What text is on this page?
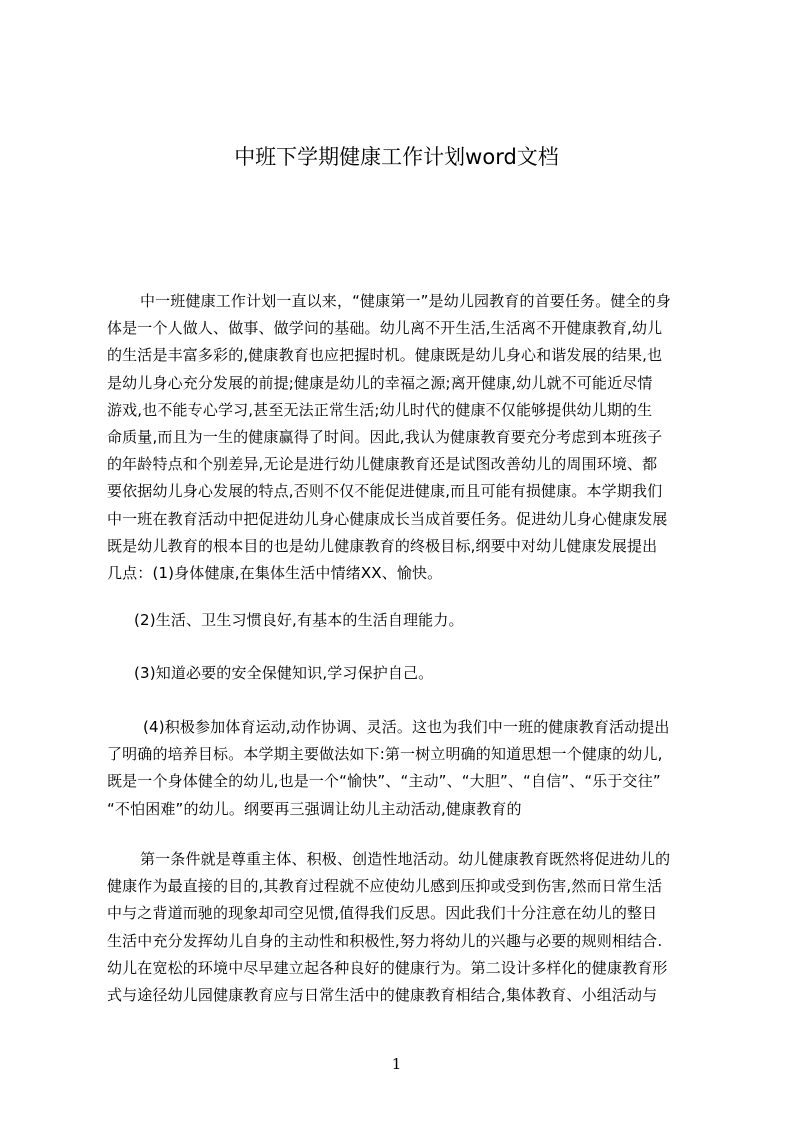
中班下学期健康工作计划word文档
中一班健康工作计划一直以来，“健康第一”是幼儿园教育的首要任务。健全的身
体是一个人做人、做事、做学问的基础。幼儿离不开生活,生活离不开健康教育,幼儿
的生活是丰富多彩的,健康教育也应把握时机。健康既是幼儿身心和谐发展的结果,也
是幼儿身心充分发展的前提;健康是幼儿的幸福之源;离开健康,幼儿就不可能近尽情
游戏,也不能专心学习,甚至无法正常生活;幼儿时代的健康不仅能够提供幼儿期的生
命质量,而且为一生的健康赢得了时间。因此,我认为健康教育要充分考虑到本班孩子
的年龄特点和个别差异,无论是进行幼儿健康教育还是试图改善幼儿的周围环境、都
要依据幼儿身心发展的特点,否则不仅不能促进健康,而且可能有损健康。本学期我们
中一班在教育活动中把促进幼儿身心健康成长当成首要任务。促进幼儿身心健康发展
既是幼儿教育的根本目的也是幼儿健康教育的终极目标,纲要中对幼儿健康发展提出
几点：(1)身体健康,在集体生活中情绪XX、愉快。
(2)生活、卫生习惯良好,有基本的生活自理能力。
(3)知道必要的安全保健知识,学习保护自己。
(4)积极参加体育运动,动作协调、灵活。这也为我们中一班的健康教育活动提出
了明确的培养目标。本学期主要做法如下:第一树立明确的知道思想一个健康的幼儿,
既是一个身体健全的幼儿,也是一个“愉快”、“主动”、“大胆”、“自信”、“乐于交往”
“不怕困难”的幼儿。纲要再三强调让幼儿主动活动,健康教育的
第一条件就是尊重主体、积极、创造性地活动。幼儿健康教育既然将促进幼儿的
健康作为最直接的目的,其教育过程就不应使幼儿感到压抑或受到伤害,然而日常生活
中与之背道而驰的现象却司空见惯,值得我们反思。因此我们十分注意在幼儿的整日
生活中充分发挥幼儿自身的主动性和积极性,努力将幼儿的兴趣与必要的规则相结合.
幼儿在宽松的环境中尽早建立起各种良好的健康行为。第二设计多样化的健康教育形
式与途径幼儿园健康教育应与日常生活中的健康教育相结合,集体教育、小组活动与
1
